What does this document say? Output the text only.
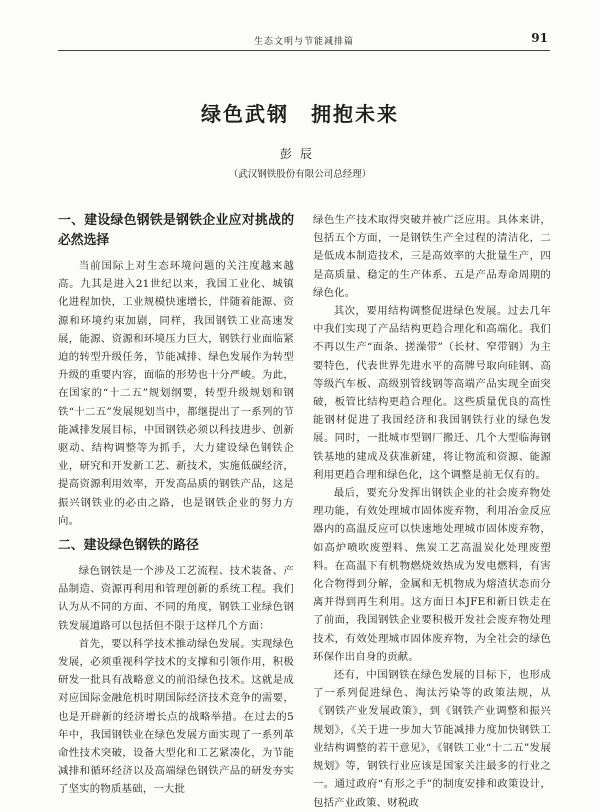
生态文明与节能减排篇	91
绿色武钢　拥抱未来
彭辰
（武汉钢铁股份有限公司总经理）
一、建设绿色钢铁是钢铁企业应对挑战的必然选择

当前国际上对生态环境问题的关注度越来越高。九其是进入21世纪以来，我国工业化、城镇化进程加快，工业规模快速增长，伴随着能源、资源和环境约束加剧，同样，我国钢铁工业高速发展，能源、资源和环境压力巨大，钢铁行业面临紧迫的转型升级任务，节能减排、绿色发展作为转型升级的重要内容，面临的形势也十分严峻。为此，在国家的“十二五”规划纲要，转型升级规划和钢铁“十二五”发展规划当中，都继提出了一系列的节能减排发展目标，中国钢铁必须以科技进步、创新驱动、结构调整等为抓手，大力建设绿色钢铁企业，研究和开发新工艺、新技术，实施低碳经济，提高资源利用效率，开发高品质的钢铁产品，这是振兴钢铁业的必由之路，也是钢铁企业的努力方向。

二、建设绿色钢铁的路径

绿色钢铁是一个涉及工艺流程、技术装备、产品制造、资源再利用和管理创新的系统工程。我们认为从不同的方面、不同的角度，钢铁工业绿色钢铁发展道路可以包括但不限于这样几个方面：

首先，要以科学技术推动绿色发展。实现绿色发展，必须重视科学技术的支撑和引领作用，积极研发一批具有战略意义的前沿绿色技术。这就是成对应国际金融危机时期国际经济技术竞争的需要，也是开辟新的经济增长点的战略举措。在过去的5年中，我国钢铁业在绿色发展方面实现了一系列革命性技术突破，设备大型化和工艺紧凑化，为节能减排和循环经济以及高端绿色钢铁产品的研发夯实了坚实的物质基础，一大批

绿色生产技术取得突破并被广泛应用。具体来讲，包括五个方面，一是钢铁生产全过程的清洁化，二是低成本制造技术，三是高效率的大批量生产，四是高质量、稳定的生产体系、五是产品寿命周期的绿色化。

其次，要用结构调整促进绿色发展。过去几年中我们实现了产品结构更趋合理化和高端化。我们不再以生产“面条、搓澡带”（长材、窄带钢）为主要特色，代表世界先进水平的高牌号取向硅钢、高等级汽车板、高级别管线钢等高端产品实现全面突破，板管比结构更趋合理化。这些质量优良的高性能钢材促进了我国经济和我国钢铁行业的绿色发展。同时，一批城市型钢厂搬迁、几个大型临海钢铁基地的建成及获准新建，将让物流和资源、能源利用更趋合理和绿色化，这个调整是前无仅有的。

最后，要充分发挥出钢铁企业的社会废弃物处理功能，有效处理城市固体废弃物，利用冶金反应器内的高温反应可以快速地处理城市固体废弃物，如高炉喷吹废塑料、焦炭工艺高温炭化处理废塑料。在高温下有机物燃烧效热成为发电燃料，有害化合物得到分解，金属和无机物成为熔渣状态而分离并得到再生利用。这方面日本JFE和新日铁走在了前面，我国钢铁企业要积极开发社会废弃物处理技术，有效处理城市固体废弃物，为全社会的绿色环保作出自身的贡献。

还有，中国钢铁在绿色发展的目标下，也形成了一系列促进绿色、淘汰污染等的政策法规，从《钢铁产业发展政策》，到《钢铁产业调整和振兴规划》，《关于进一步加大节能减排力度加快钢铁工业结构调整的若干意见》，《钢铁工业“十二五”发展规划》等，钢铁行业应该是国家关注最多的行业之一。通过政府“有形之手”的制度安排和政策设计，包括产业政策、财税政
